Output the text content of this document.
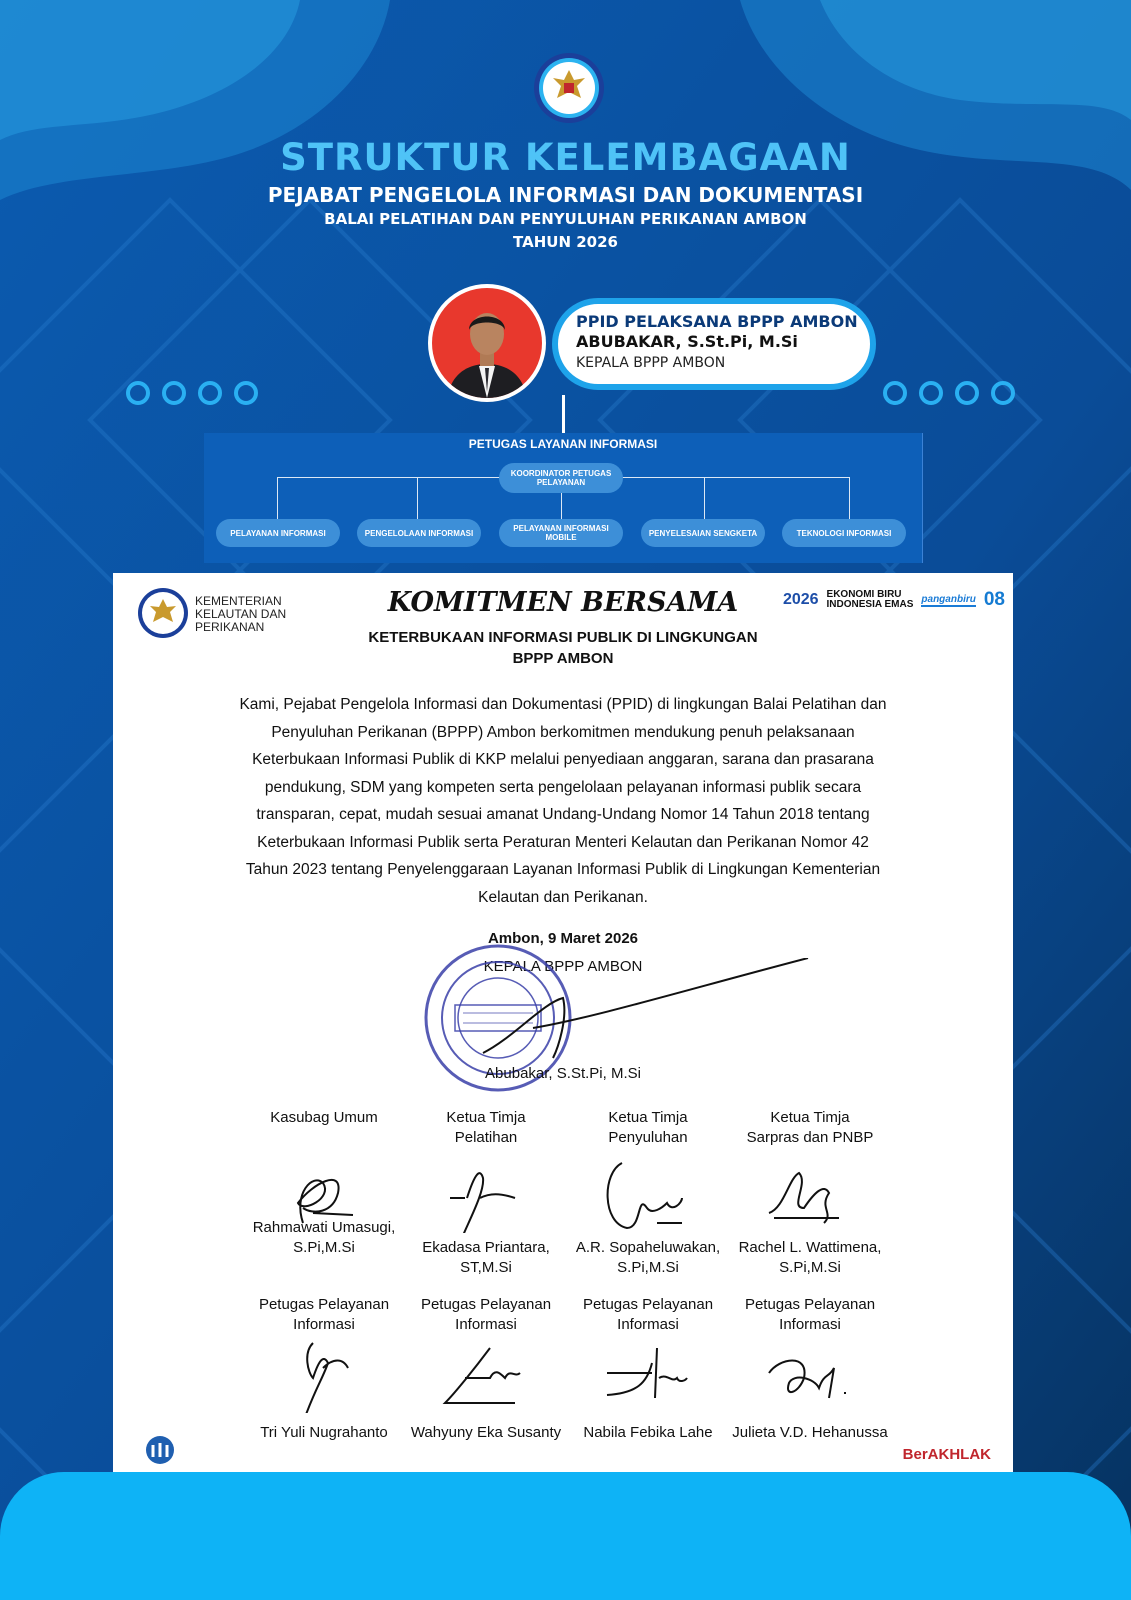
STRUKTUR KELEMBAGAAN
PEJABAT PENGELOLA INFORMASI DAN DOKUMENTASI
BALAI PELATIHAN DAN PENYULUHAN PERIKANAN AMBON
TAHUN 2026
PPID PELAKSANA BPPP AMBON
ABUBAKAR, S.St.Pi, M.Si
KEPALA BPPP AMBON
PETUGAS LAYANAN INFORMASI
KOORDINATOR PETUGAS PELAYANAN
PELAYANAN INFORMASI	PENGELOLAAN INFORMASI	PELAYANAN INFORMASI MOBILE	PENYELESAIAN SENGKETA	TEKNOLOGI INFORMASI
KEMENTERIAN
KELAUTAN DAN
PERIKANAN
KOMITMEN BERSAMA
KETERBUKAAN INFORMASI PUBLIK DI LINGKUNGAN
BPPP AMBON
2026 EKONOMI BIRU
INDONESIA EMAS panganbiru 08
Kami, Pejabat Pengelola Informasi dan Dokumentasi (PPID) di lingkungan Balai Pelatihan dan
Penyuluhan Perikanan (BPPP) Ambon berkomitmen mendukung penuh pelaksanaan
Keterbukaan Informasi Publik di KKP melalui penyediaan anggaran, sarana dan prasarana
pendukung, SDM yang kompeten serta pengelolaan pelayanan informasi publik secara
transparan, cepat, mudah sesuai amanat Undang-Undang Nomor 14 Tahun 2018 tentang
Keterbukaan Informasi Publik serta Peraturan Menteri Kelautan dan Perikanan Nomor 42
Tahun 2023 tentang Penyelenggaraan Layanan Informasi Publik di Lingkungan Kementerian
Kelautan dan Perikanan.
Ambon, 9 Maret 2026
KEPALA BPPP AMBON
Abubakar, S.St.Pi, M.Si
Kasubag Umum
Rahmawati Umasugi,
S.Pi,M.Si
Ketua Timja
Pelatihan
Ekadasa Priantara,
ST,M.Si
Ketua Timja
Penyuluhan
A.R. Sopaheluwakan,
S.Pi,M.Si
Ketua Timja
Sarpras dan PNBP
Rachel L. Wattimena,
S.Pi,M.Si
Petugas Pelayanan
Informasi
Tri Yuli Nugrahanto
Petugas Pelayanan
Informasi
Wahyuny Eka Susanty
Petugas Pelayanan
Informasi
Nabila Febika Lahe
Petugas Pelayanan
Informasi
Julieta V.D. Hehanussa
BerAKHLAK
